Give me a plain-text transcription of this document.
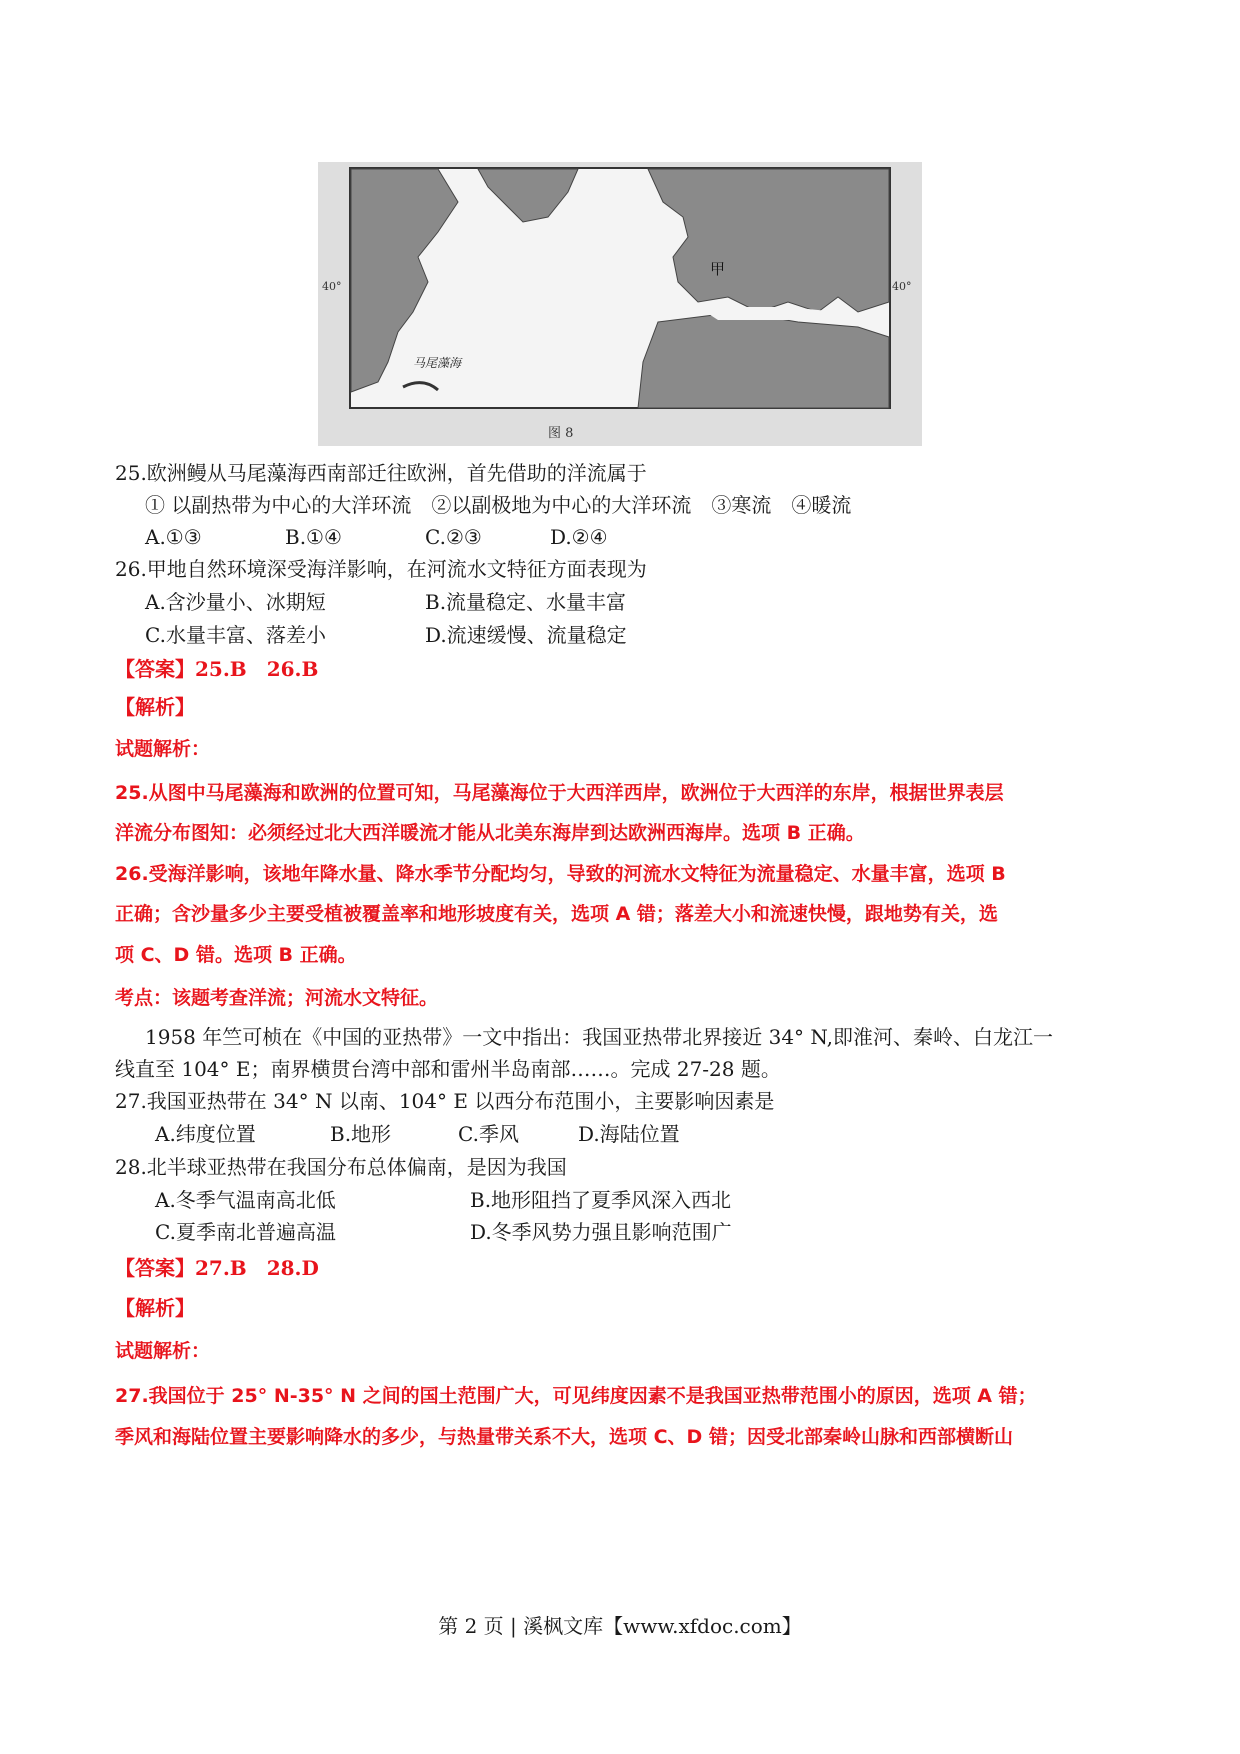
40°	40°
马尾藻海
甲
图 8
25.欧洲鳗从马尾藻海西南部迁往欧洲，首先借助的洋流属于
① 以副热带为中心的大洋环流　②以副极地为中心的大洋环流　③寒流　④暖流
A.①③	B.①④	C.②③	D.②④
26.甲地自然环境深受海洋影响，在河流水文特征方面表现为
A.含沙量小、冰期短	B.流量稳定、水量丰富
C.水量丰富、落差小	D.流速缓慢、流量稳定
【答案】25.B　26.B
【解析】
试题解析：
25.从图中马尾藻海和欧洲的位置可知，马尾藻海位于大西洋西岸，欧洲位于大西洋的东岸，根据世界表层
洋流分布图知：必须经过北大西洋暖流才能从北美东海岸到达欧洲西海岸。选项 B 正确。
26.受海洋影响，该地年降水量、降水季节分配均匀，导致的河流水文特征为流量稳定、水量丰富，选项 B
正确；含沙量多少主要受植被覆盖率和地形坡度有关，选项 A 错；落差大小和流速快慢，跟地势有关，选
项 C、D 错。选项 B 正确。
考点：该题考查洋流；河流水文特征。
1958 年竺可桢在《中国的亚热带》一文中指出：我国亚热带北界接近 34° N,即淮河、秦岭、白龙江一
线直至 104° E；南界横贯台湾中部和雷州半岛南部……。完成 27-28 题。
27.我国亚热带在 34° N 以南、104° E 以西分布范围小，主要影响因素是
A.纬度位置	B.地形	C.季风	D.海陆位置
28.北半球亚热带在我国分布总体偏南，是因为我国
A.冬季气温南高北低	B.地形阻挡了夏季风深入西北
C.夏季南北普遍高温	D.冬季风势力强且影响范围广
【答案】27.B　28.D
【解析】
试题解析：
27.我国位于 25° N-35° N 之间的国土范围广大，可见纬度因素不是我国亚热带范围小的原因，选项 A 错；
季风和海陆位置主要影响降水的多少，与热量带关系不大，选项 C、D 错；因受北部秦岭山脉和西部横断山
第 2 页 | 溪枫文库【www.xfdoc.com】
